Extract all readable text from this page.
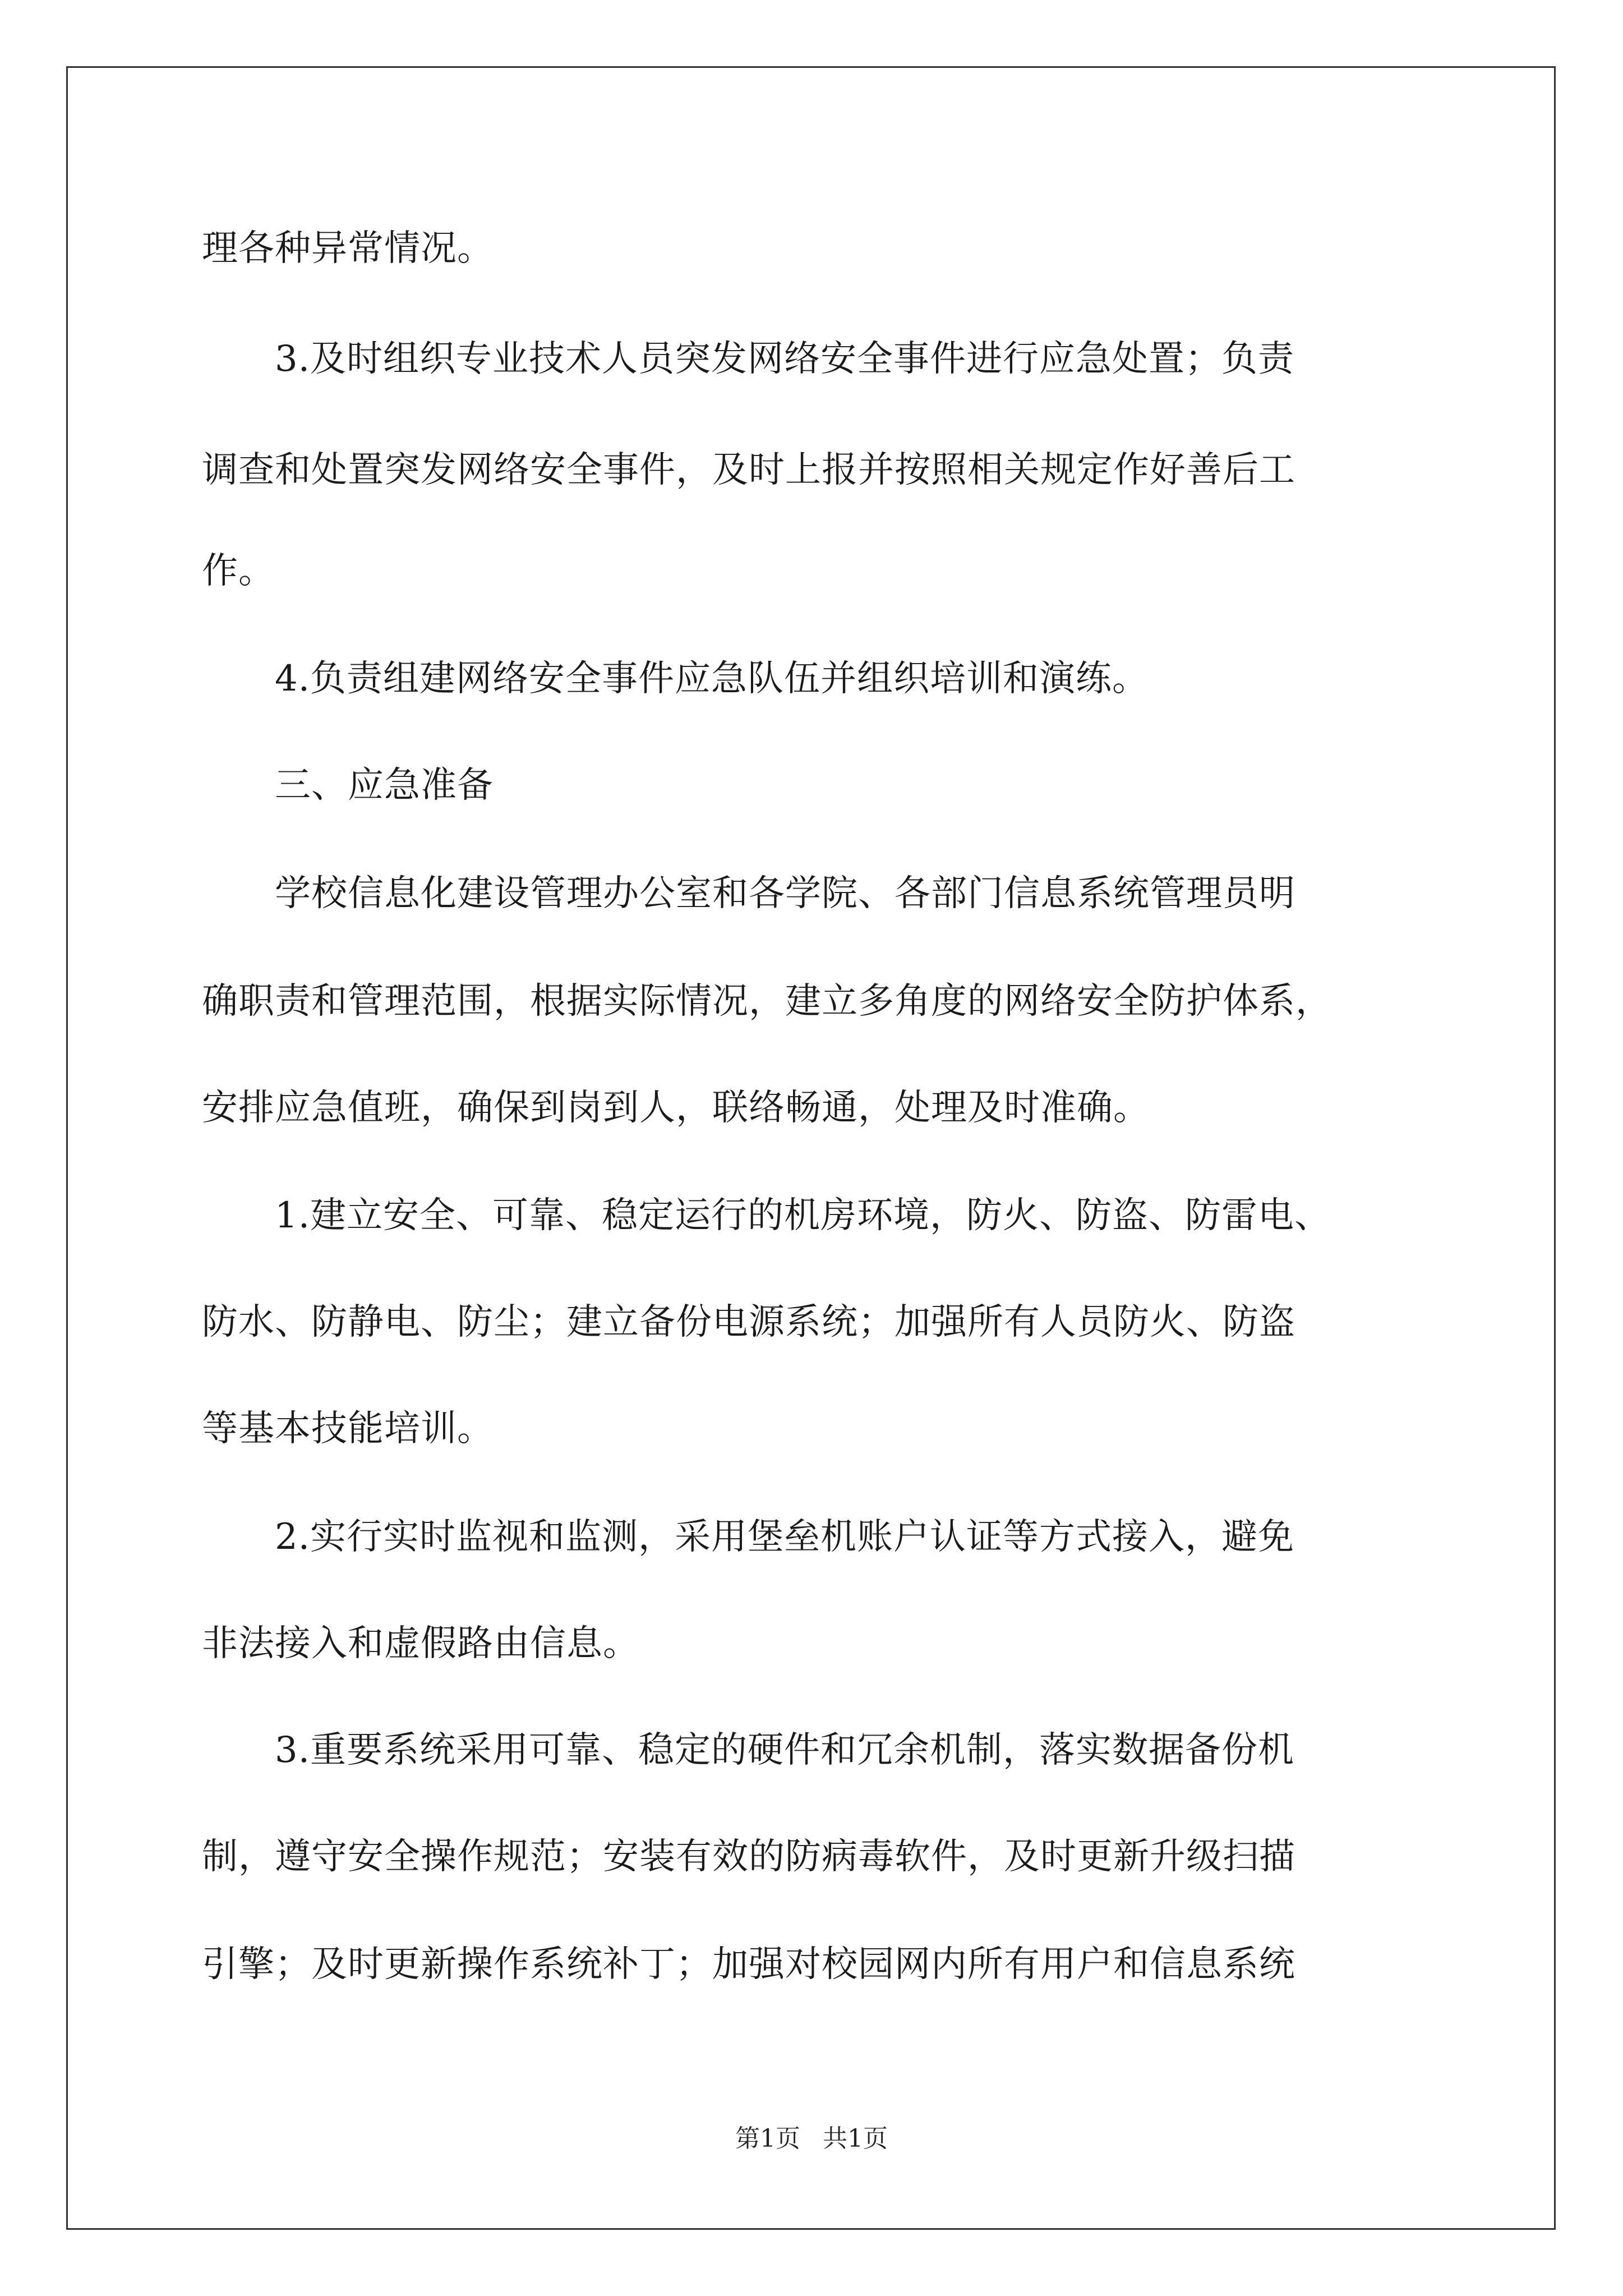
理各种异常情况。
　　3.及时组织专业技术人员突发网络安全事件进行应急处置；负责
调查和处置突发网络安全事件，及时上报并按照相关规定作好善后工
作。
　　4.负责组建网络安全事件应急队伍并组织培训和演练。
　　三、应急准备
　　学校信息化建设管理办公室和各学院、各部门信息系统管理员明
确职责和管理范围，根据实际情况，建立多角度的网络安全防护体系，
安排应急值班，确保到岗到人，联络畅通，处理及时准确。
　　1.建立安全、可靠、稳定运行的机房环境，防火、防盗、防雷电、
防水、防静电、防尘；建立备份电源系统；加强所有人员防火、防盗
等基本技能培训。
　　2.实行实时监视和监测，采用堡垒机账户认证等方式接入，避免
非法接入和虚假路由信息。
　　3.重要系统采用可靠、稳定的硬件和冗余机制，落实数据备份机
制，遵守安全操作规范；安装有效的防病毒软件，及时更新升级扫描
引擎；及时更新操作系统补丁；加强对校园网内所有用户和信息系统
第1页 共1页
